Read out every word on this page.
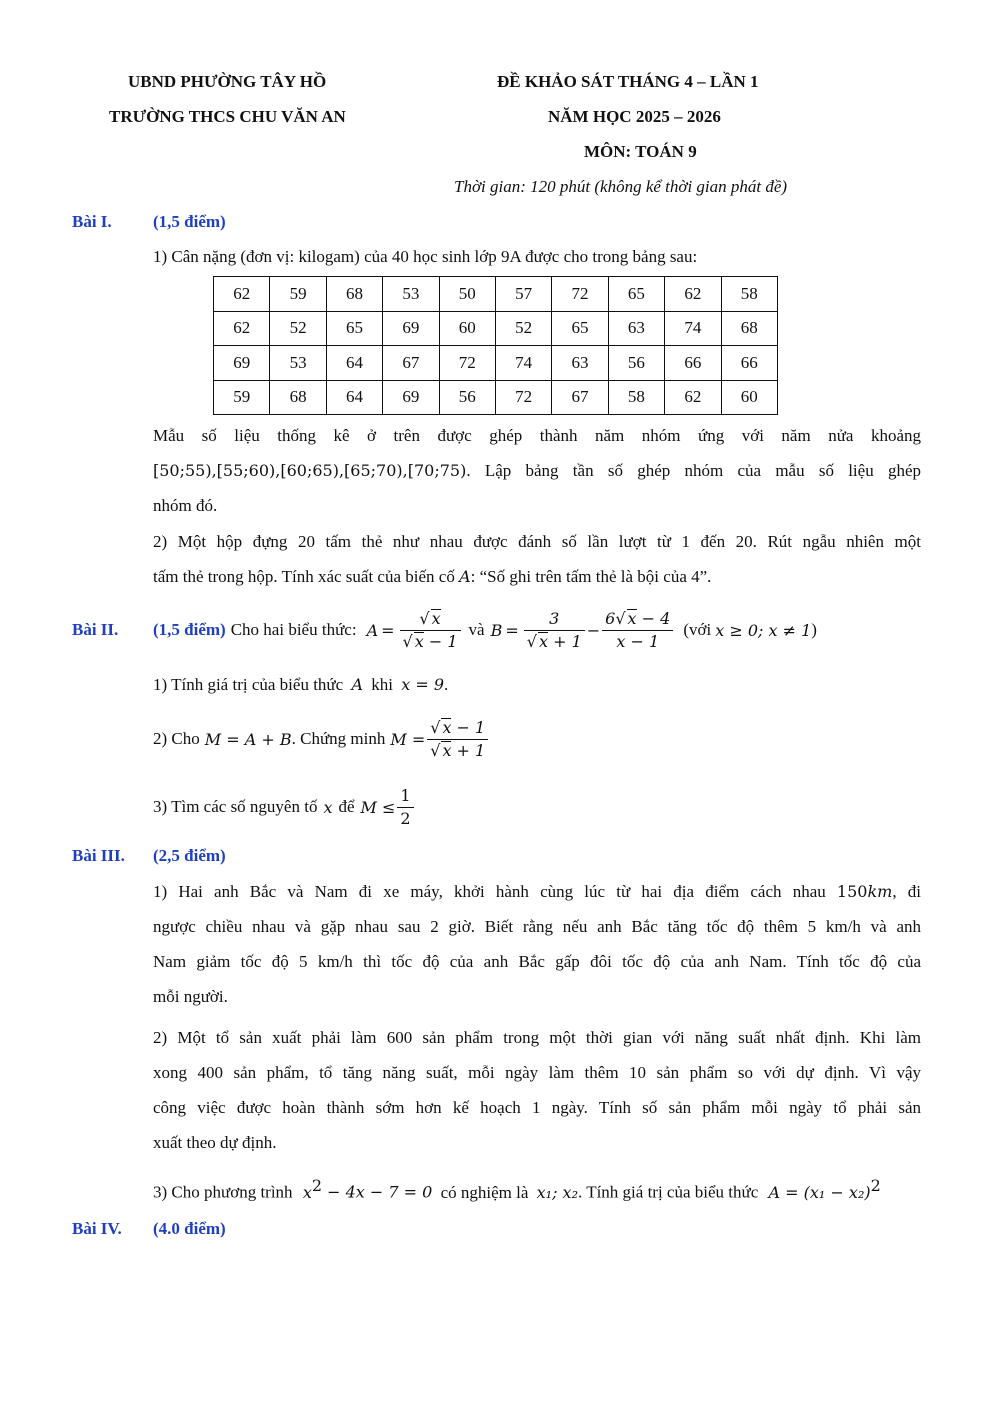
UBND PHƯỜNG TÂY HỒ
TRƯỜNG THCS CHU VĂN AN
ĐỀ KHẢO SÁT THÁNG 4 – LẦN 1
NĂM HỌC 2025 – 2026
MÔN: TOÁN 9
Thời gian: 120 phút (không kể thời gian phát đề)
Bài I. (1,5 điểm)
1) Cân nặng (đơn vị: kilogam) của 40 học sinh lớp 9A được cho trong bảng sau:
62	59	68	53	50	57	72	65	62	58
62	52	65	69	60	52	65	63	74	68
69	53	64	67	72	74	63	56	66	66
59	68	64	69	56	72	67	58	62	60

Mẫu số liệu thống kê ở trên được ghép thành năm nhóm ứng với năm nửa khoảng

[50;55),[55;60),[60;65),[65;70),[70;75). Lập bảng tần số ghép nhóm của mẫu số liệu ghép

nhóm đó.

2) Một hộp đựng 20 tấm thẻ như nhau được đánh số lần lượt từ 1 đến 20. Rút ngẫu nhiên một

tấm thẻ trong hộp. Tính xác suất của biến cố A: “Số ghi trên tấm thẻ là bội của 4”.

Bài II. (1,5 điểm) Cho hai biểu thức: $A = \frac{√ x}{√ x - 1}$ và $B = \frac{3}{√ x + 1} - \frac{6√ x - 4}{x - 1}$ (với x ≥ 0; x ≠ 1 )
1) Tính giá trị của biểu thức A khi x = 9.
2) Cho M = A + B . Chứng minh $M = \frac{√ x - 1}{√ x + 1}$
3) Tìm các số nguyên tố x để $M \le \frac{1}{2}$
Bài III. (2,5 điểm)

1) Hai anh Bắc và Nam đi xe máy, khởi hành cùng lúc từ hai địa điểm cách nhau 150km, đi

ngược chiều nhau và gặp nhau sau 2 giờ. Biết rằng nếu anh Bắc tăng tốc độ thêm 5 km/h và anh

Nam giảm tốc độ 5 km/h thì tốc độ của anh Bắc gấp đôi tốc độ của anh Nam. Tính tốc độ của

mỗi người.

2) Một tổ sản xuất phải làm 600 sản phẩm trong một thời gian với năng suất nhất định. Khi làm

xong 400 sản phẩm, tổ tăng năng suất, mỗi ngày làm thêm 10 sản phẩm so với dự định. Vì vậy

công việc được hoàn thành sớm hơn kế hoạch 1 ngày. Tính số sản phẩm mỗi ngày tổ phải sản

xuất theo dự định.

3) Cho phương trình $x^2 - 4x - 7 = 0$ có nghiệm là x₁; x₂. Tính giá trị của biểu thức $A = (x_1 - x_2)^2$
Bài IV. (4.0 điểm)
